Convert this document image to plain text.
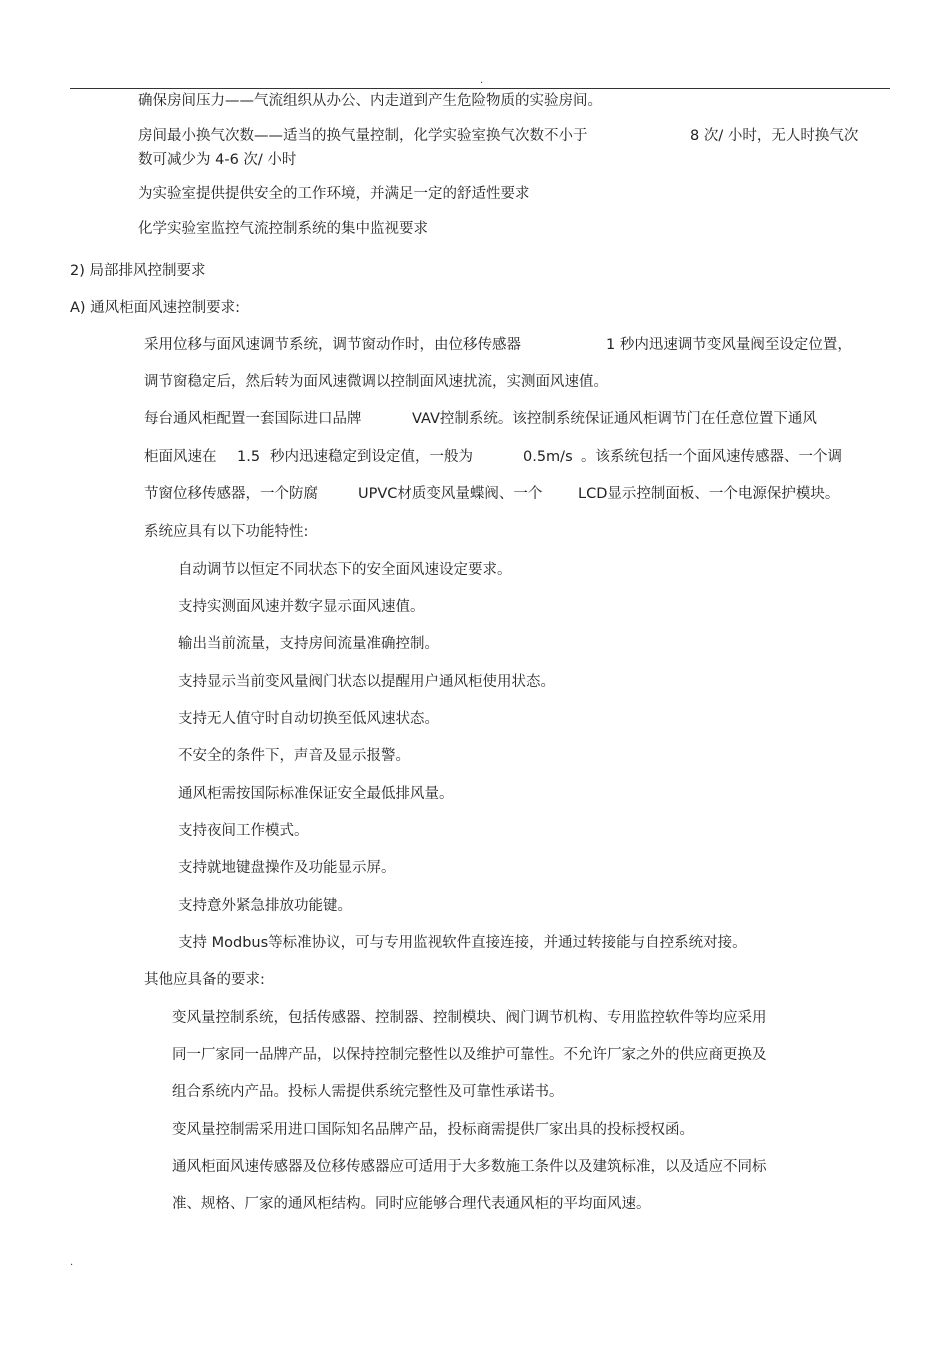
.
确保房间压力——气流组织从办公、内走道到产生危险物质的实验房间。
房间最小换气次数——适当的换气量控制，化学实验室换气次数不小于	8 次/ 小时，无人时换气次
数可减少为 4-6 次/ 小时
为实验室提供提供安全的工作环境，并满足一定的舒适性要求
化学实验室监控气流控制系统的集中监视要求
2) 局部排风控制要求
A) 通风柜面风速控制要求:
采用位移与面风速调节系统，调节窗动作时，由位移传感器	1 秒内迅速调节变风量阀至设定位置，
调节窗稳定后，然后转为面风速微调以控制面风速扰流，实测面风速值。
每台通风柜配置一套国际进口品牌	VAV控制系统。该控制系统保证通风柜调节门在任意位置下通风
柜面风速在 1.5 秒内迅速稳定到设定值，一般为	0.5m/s 。该系统包括一个面风速传感器、一个调
节窗位移传感器，一个防腐	UPVC材质变风量蝶阀、一个 LCD显示控制面板、一个电源保护模块。
系统应具有以下功能特性:
自动调节以恒定不同状态下的安全面风速设定要求。
支持实测面风速并数字显示面风速值。
输出当前流量，支持房间流量准确控制。
支持显示当前变风量阀门状态以提醒用户通风柜使用状态。
支持无人值守时自动切换至低风速状态。
不安全的条件下，声音及显示报警。
通风柜需按国际标准保证安全最低排风量。
支持夜间工作模式。
支持就地键盘操作及功能显示屏。
支持意外紧急排放功能键。
支持 Modbus等标准协议，可与专用监视软件直接连接，并通过转接能与自控系统对接。
其他应具备的要求:
变风量控制系统，包括传感器、控制器、控制模块、阀门调节机构、专用监控软件等均应采用
同一厂家同一品牌产品，以保持控制完整性以及维护可靠性。不允许厂家之外的供应商更换及
组合系统内产品。投标人需提供系统完整性及可靠性承诺书。
变风量控制需采用进口国际知名品牌产品，投标商需提供厂家出具的投标授权函。
通风柜面风速传感器及位移传感器应可适用于大多数施工条件以及建筑标准，以及适应不同标
准、规格、厂家的通风柜结构。同时应能够合理代表通风柜的平均面风速。
.
